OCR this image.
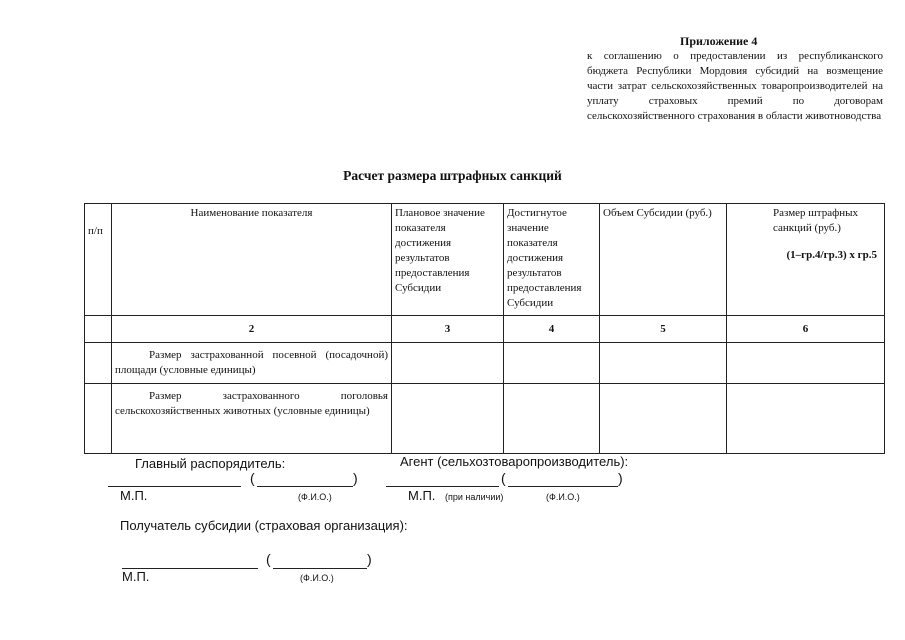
Приложение 4
к соглашению о предоставлении из республиканского бюджета Республики Мордовия субсидий на возмещение части затрат сельскохозяйственных товаропроизводителей на уплату страховых премий по договорам сельскохозяйственного страхования в области животноводства
Расчет размера штрафных санкций
п/п	Наименование показателя	Плановое значение показателя достижения результатов предоставления Субсидии	Достигнутое значение показателя достижения результатов предоставления Субсидии	Объем Субсидии (руб.)	Размер штрафных санкций (руб.)
(1–гр.4/гр.3) х гр.5

	2	3	4	5	6
	Размер застрахованной посевной (посадочной) площади (условные единицы)				
	Размер застрахованного поголовья сельскохозяйственных животных (условные единицы)				
Главный распорядитель:	Агент (сельхозтоваропроизводитель):
(	)	(	)
М.П.	(Ф.И.О.)	М.П. (при наличии)	(Ф.И.О.)
Получатель субсидии (страховая организация):
(	)
М.П.	(Ф.И.О.)
